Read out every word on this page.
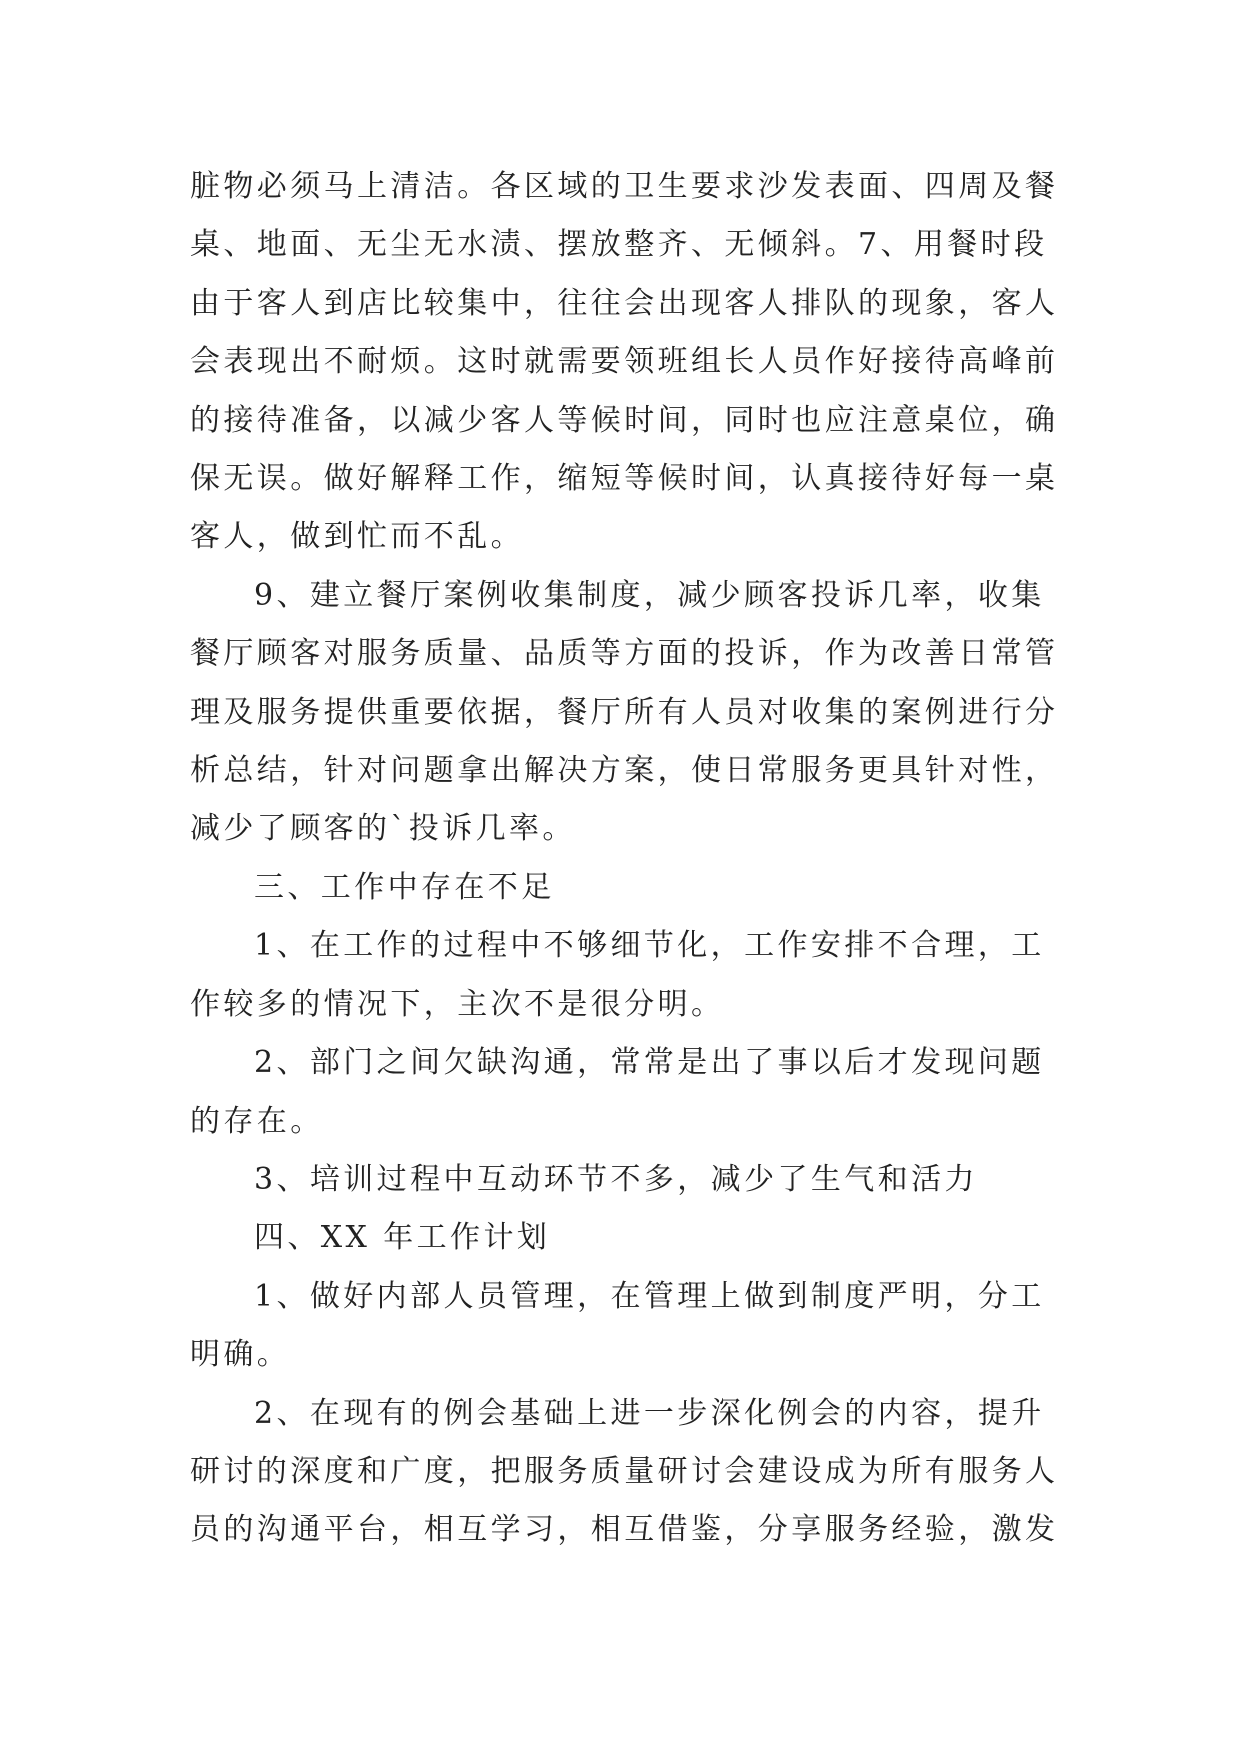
脏物必须马上清洁。各区域的卫生要求沙发表面、四周及餐
桌、地面、无尘无水渍、摆放整齐、无倾斜。7、用餐时段
由于客人到店比较集中，往往会出现客人排队的现象，客人
会表现出不耐烦。这时就需要领班组长人员作好接待高峰前
的接待准备，以减少客人等候时间，同时也应注意桌位，确
保无误。做好解释工作，缩短等候时间，认真接待好每一桌
客人，做到忙而不乱。

9、建立餐厅案例收集制度，减少顾客投诉几率，收集
餐厅顾客对服务质量、品质等方面的投诉，作为改善日常管
理及服务提供重要依据，餐厅所有人员对收集的案例进行分
析总结，针对问题拿出解决方案，使日常服务更具针对性，
减少了顾客的`投诉几率。

三、工作中存在不足

1、在工作的过程中不够细节化，工作安排不合理，工
作较多的情况下，主次不是很分明。

2、部门之间欠缺沟通，常常是出了事以后才发现问题
的存在。

3、培训过程中互动环节不多，减少了生气和活力

四、XX 年工作计划

1、做好内部人员管理，在管理上做到制度严明，分工
明确。

2、在现有的例会基础上进一步深化例会的内容，提升
研讨的深度和广度，把服务质量研讨会建设成为所有服务人
员的沟通平台，相互学习，相互借鉴，分享服务经验，激发
